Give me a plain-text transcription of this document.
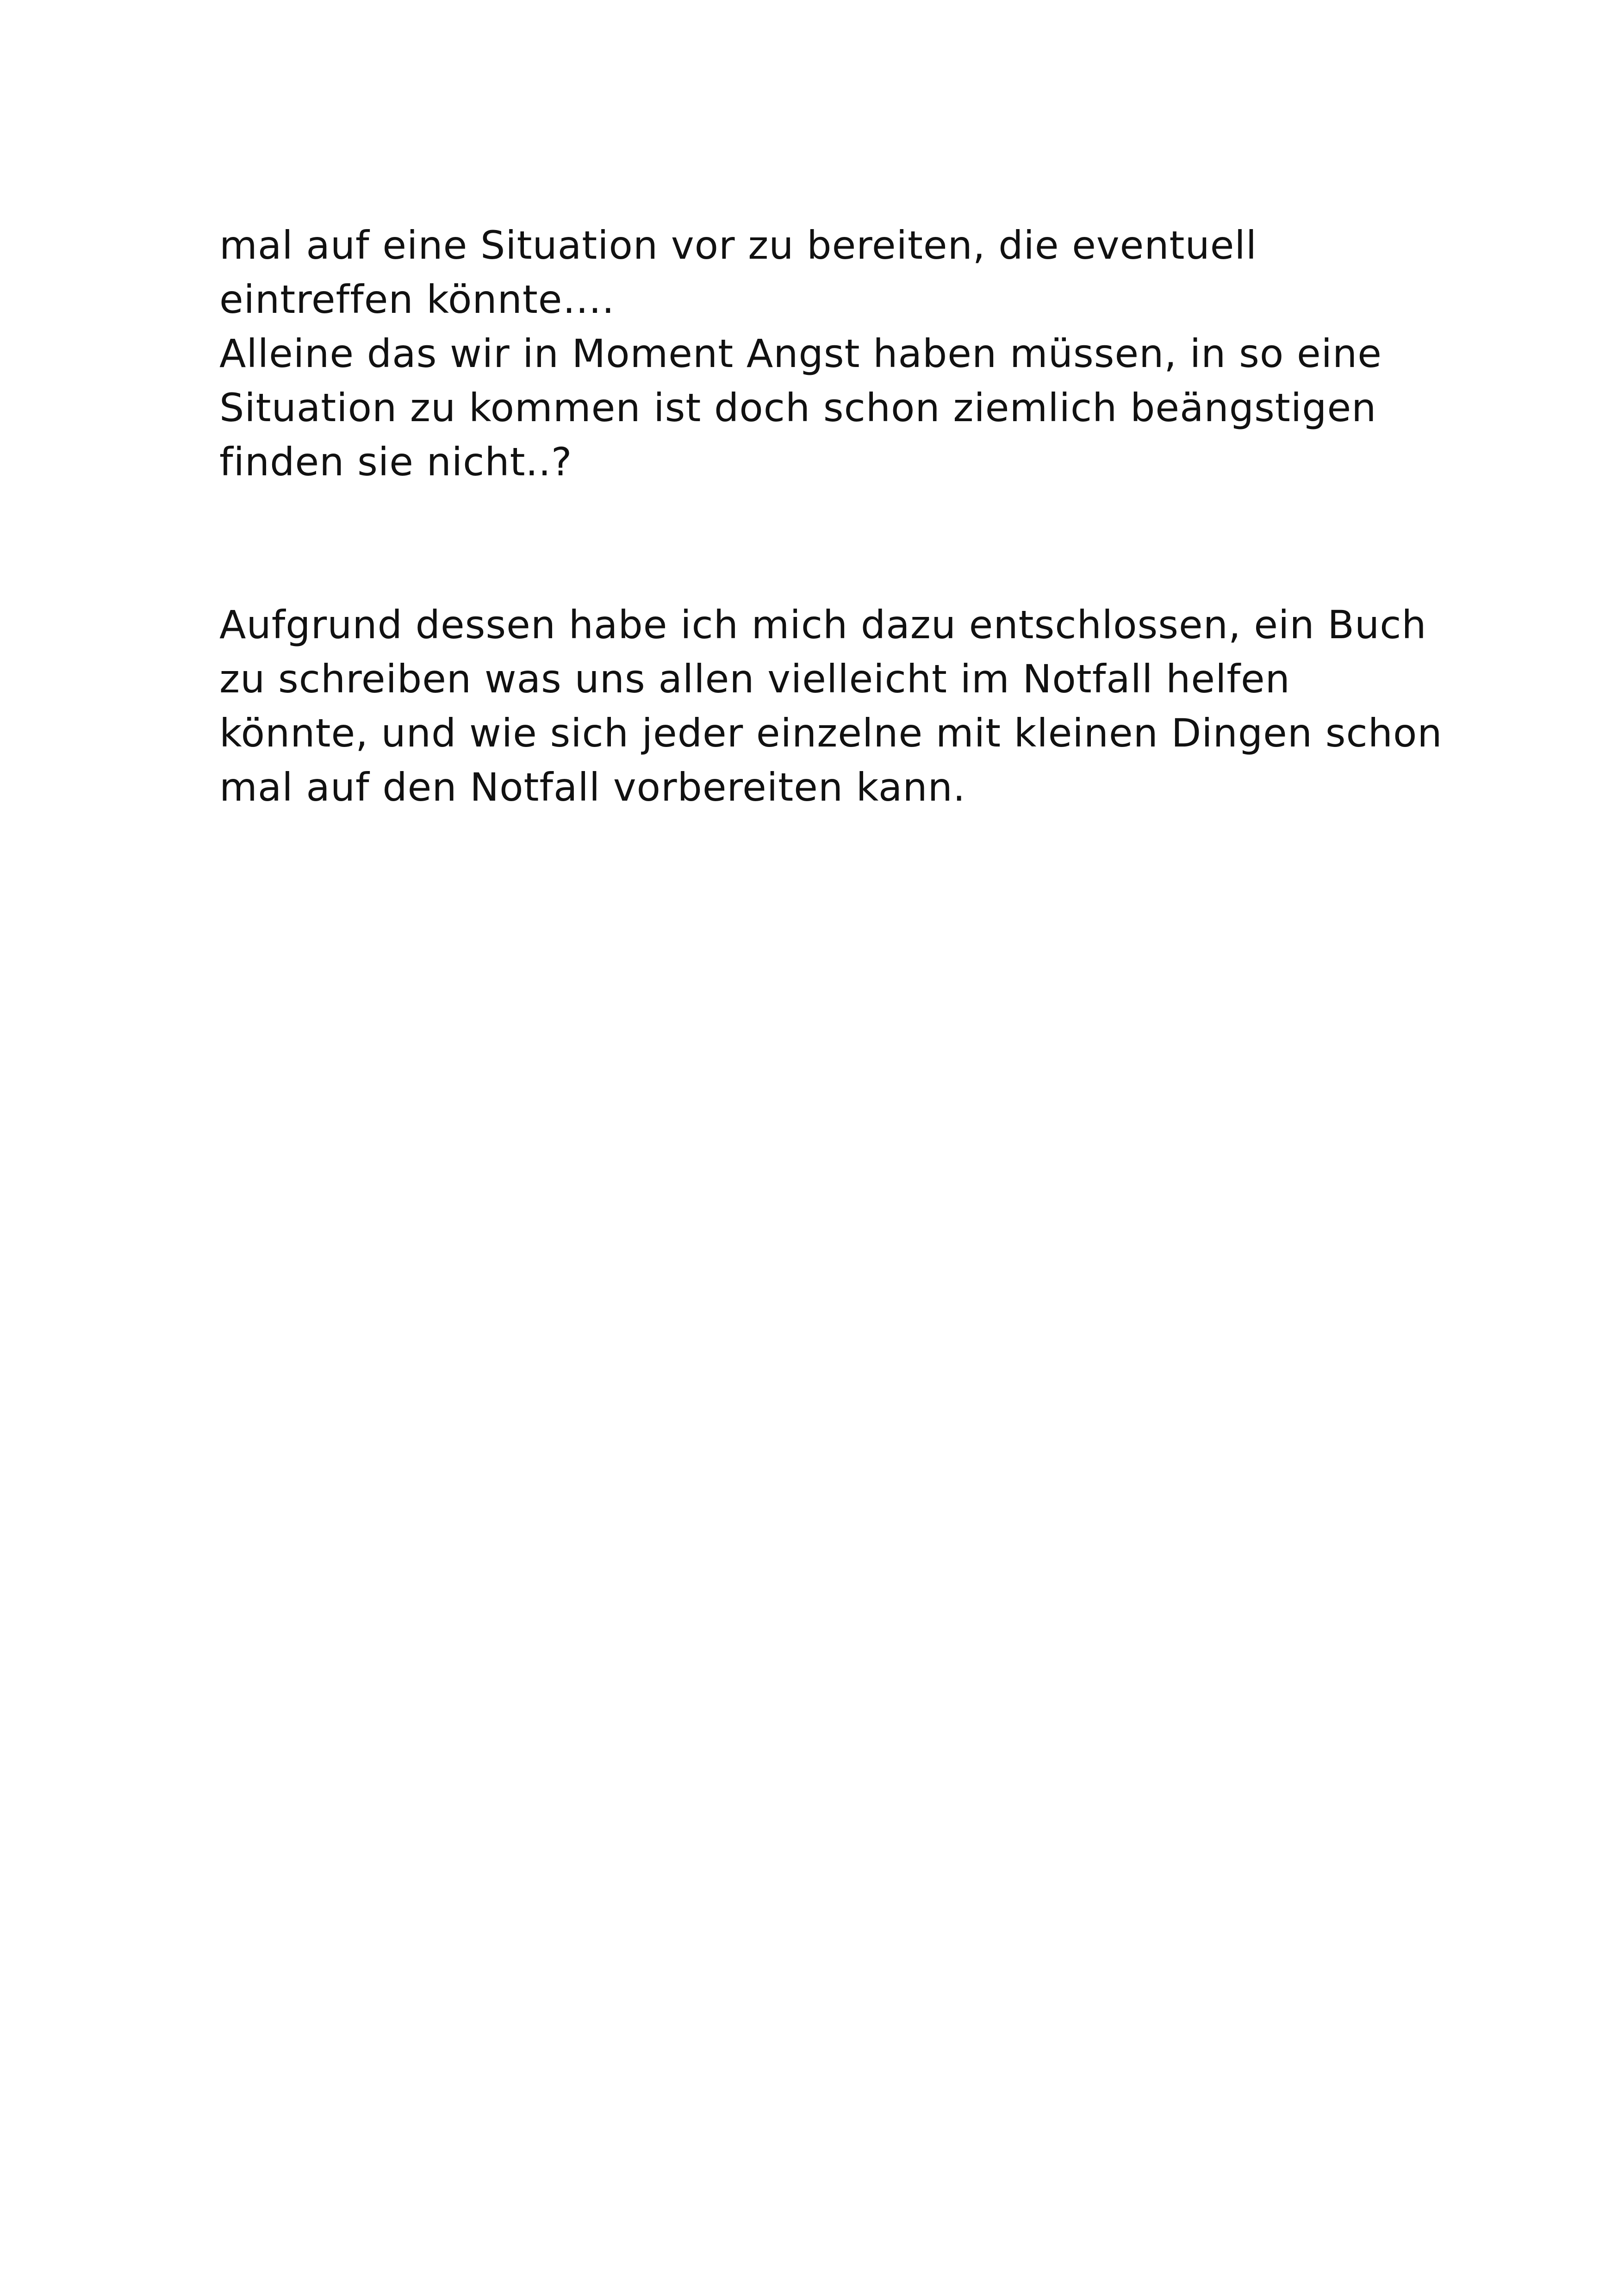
mal auf eine Situation vor zu bereiten, die eventuell
eintreffen könnte….
Alleine das wir in Moment Angst haben müssen, in so eine
Situation zu kommen ist doch schon ziemlich beängstigen
finden sie nicht..?
Aufgrund dessen habe ich mich dazu entschlossen, ein Buch
zu schreiben was uns allen vielleicht im Notfall helfen
könnte, und wie sich jeder einzelne mit kleinen Dingen schon
mal auf den Notfall vorbereiten kann.
